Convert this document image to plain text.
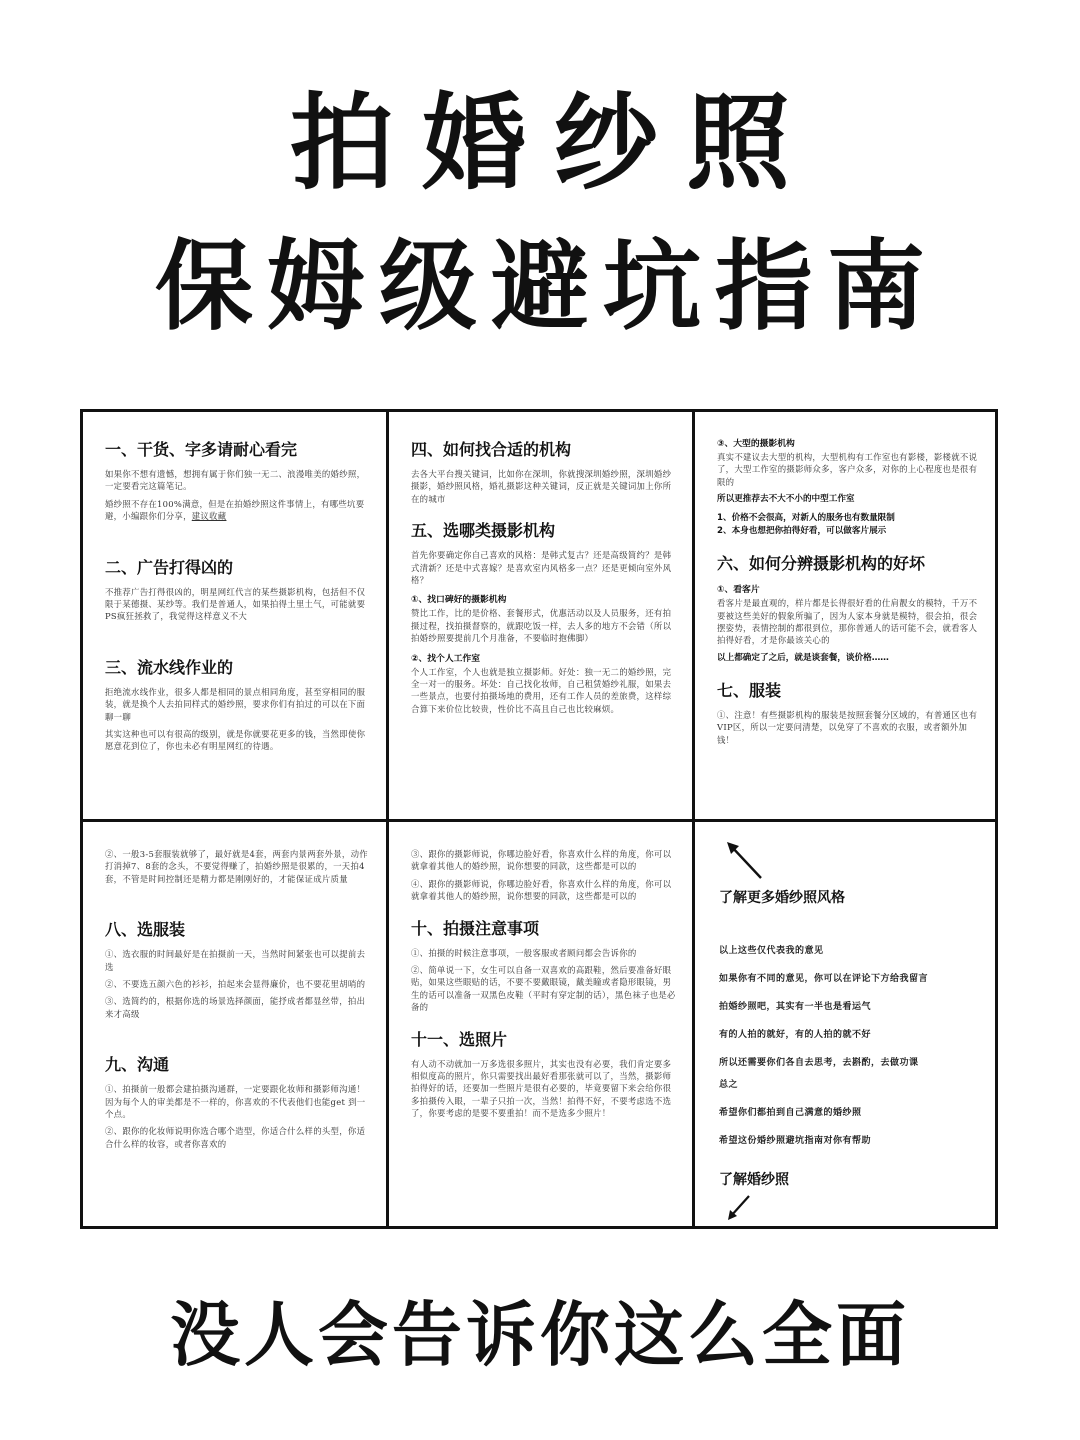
拍婚纱照
保姆级避坑指南
一、干货、字多请耐心看完

如果你不想有遗憾，想拥有属于你们独一无二、浪漫唯美的婚纱照，一定要看完这篇笔记。

婚纱照不存在100%满意，但是在拍婚纱照这件事情上，有哪些坑要避，小编跟你们分享，建议收藏

二、广告打得凶的

不推荐广告打得很凶的，明星网红代言的某些摄影机构，包括但不仅限于某德摄、某纱等。我们是普通人，如果拍得土里土气，可能就要PS疯狂拯救了，我觉得这样意义不大

三、流水线作业的

拒绝流水线作业，很多人都是相同的景点相同角度，甚至穿相同的服装，就是换个人去拍同样式的婚纱照，要求你们有拍过的可以在下面聊一聊

其实这种也可以有很高的级别，就是你就要花更多的钱，当然即使你愿意花到位了，你也未必有明星网红的待遇。

四、如何找合适的机构

去各大平台搜关键词，比如你在深圳，你就搜深圳婚纱照，深圳婚纱摄影，婚纱照风格，婚礼摄影这种关键词，反正就是关键词加上你所在的城市

五、选哪类摄影机构

首先你要确定你自己喜欢的风格：是韩式复古？还是高级简约？是韩式清新？还是中式喜嫁？是喜欢室内风格多一点？还是更倾向室外风格？

①、找口碑好的摄影机构

赞比工作，比的是价格、套餐形式，优惠活动以及人员服务，还有拍摄过程，找拍摄督察的，就跟吃饭一样，去人多的地方不会错（所以拍婚纱照要提前几个月准备，不要临时抱佛脚）

②、找个人工作室

个人工作室，个人也就是独立摄影师。好处：独一无二的婚纱照，完全一对一的服务。坏处：自己找化妆师，自己租赁婚纱礼服，如果去一些景点，也要付拍摄场地的费用，还有工作人员的差旅费，这样综合算下来价位比较贵，性价比不高且自己也比较麻烦。

③、大型的摄影机构

真实不建议去大型的机构，大型机构有工作室也有影楼，影楼就不说了，大型工作室的摄影师众多，客户众多，对你的上心程度也是很有限的

所以更推荐去不大不小的中型工作室

1、价格不会很高，对新人的服务也有数量限制

2、本身也想把你拍得好看，可以做客片展示

六、如何分辨摄影机构的好坏
①、看客片

看客片是最直观的，样片都是长得很好看的仕肩靓女的模特，千万不要被这些美好的假象所骗了，因为人家本身就是模特，很会拍，很会摆姿势，表情控制的都很到位，那你普通人的话可能不会，就看客人拍得好看，才是你最该关心的

以上都确定了之后，就是谈套餐，谈价格……

七、服装

①、注意！有些摄影机构的服装是按照套餐分区域的，有普通区也有VIP区，所以一定要问清楚，以免穿了不喜欢的衣服，或者额外加钱！

②、一般3-5套服装就够了，最好就是4套，两套内景两套外景，动作打消掉7、8套的念头，不要觉得赚了，拍婚纱照是很累的，一天拍4套，不管是时间控制还是精力都是刚刚好的，才能保证成片质量

八、选服装

①、选衣服的时间最好是在拍摄前一天，当然时间紧张也可以提前去选

②、不要选五颜六色的衫衫，拍起来会显得廉价，也不要花里胡哨的

③、选简约的，根据你选的场景选择颜面，能抒成者都显丝带，拍出来才高级

九、沟通

①、拍摄前一般都会建拍摄沟通群，一定要跟化妆师和摄影师沟通！因为每个人的审美都是不一样的，你喜欢的不代表他们也能get 到一个点。

②、跟你的化妆师说明你选合哪个造型，你适合什么样的头型，你适合什么样的妆容，或者你喜欢的

③、跟你的摄影师说，你哪边脸好看，你喜欢什么样的角度，你可以就拿着其他人的婚纱照，说你想要的同款，这些都是可以的

④、跟你的摄影师说，你哪边脸好看，你喜欢什么样的角度，你可以就拿着其他人的婚纱照，说你想要的同款，这些都是可以的

十、拍摄注意事项

①、拍摄的时候注意事项，一般客服或者顾问都会告诉你的

②、简单说一下，女生可以自备一双喜欢的高跟鞋，然后要准备好眼贴，如果这些眼贴的话，不要不要戴眼镜，戴美瞳或者隐形眼镜，男生的话可以准备一双黑色皮鞋（平时有穿定制的话），黑色袜子也是必备的

十一、选照片

有人动不动就加一万多选很多照片，其实也没有必要，我们肯定要多相似度高的照片，你只需要找出最好看那张就可以了，当然，摄影师拍得好的话，还要加一些照片是很有必要的，毕竟要留下来会给你很多拍摄传入眼，一辈子只拍一次，当然！拍得不好，不要考虑选不选了，你要考虑的是要不要重拍！而不是选多少照片！

了解更多婚纱照风格

以上这些仅代表我的意见

如果你有不同的意见，你可以在评论下方给我留言

拍婚纱照吧，其实有一半也是看运气

有的人拍的就好，有的人拍的就不好

所以还需要你们各自去思考，去斟酌，去做功课

总之

希望你们都拍到自己满意的婚纱照

希望这份婚纱照避坑指南对你有帮助

了解婚纱照
没人会告诉你这么全面
